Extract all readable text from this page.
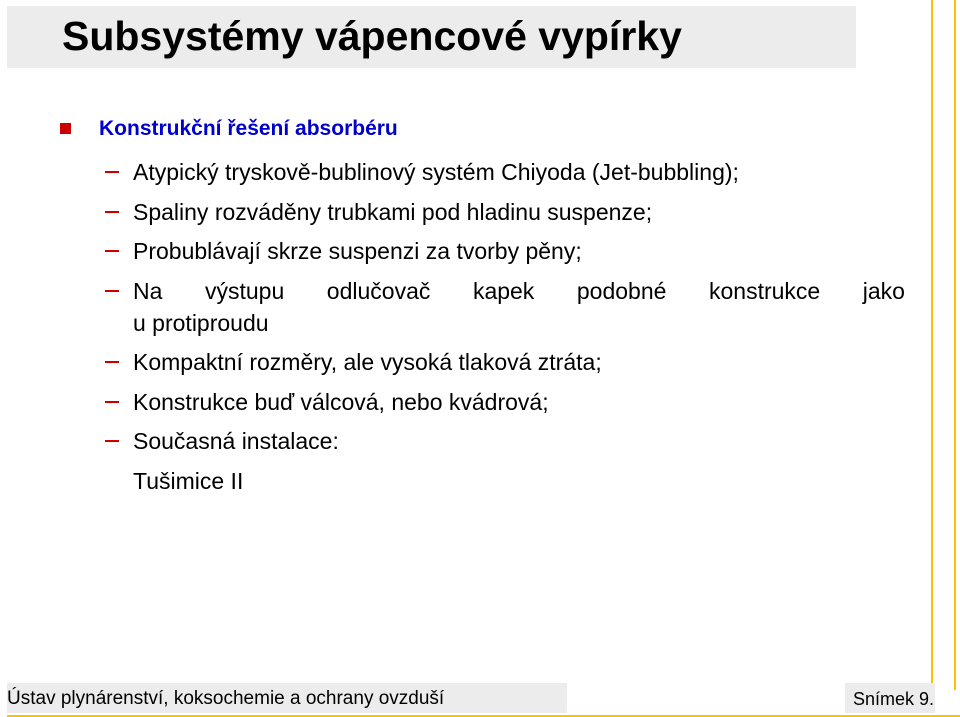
Subsystémy vápencové vypírky
Konstrukční řešení absorbéru
Atypický tryskově-bublinový systém Chiyoda (Jet-bubbling);
Spaliny rozváděny trubkami pod hladinu suspenze;
Probublávají skrze suspenzi za tvorby pěny;
Na výstupu odlučovač kapek podobné konstrukce jako
u protiproudu
Kompaktní rozměry, ale vysoká tlaková ztráta;
Konstrukce buď válcová, nebo kvádrová;
Současná instalace:
Tušimice II
Ústav plynárenství, koksochemie a ochrany ovzduší	Snímek 9.
